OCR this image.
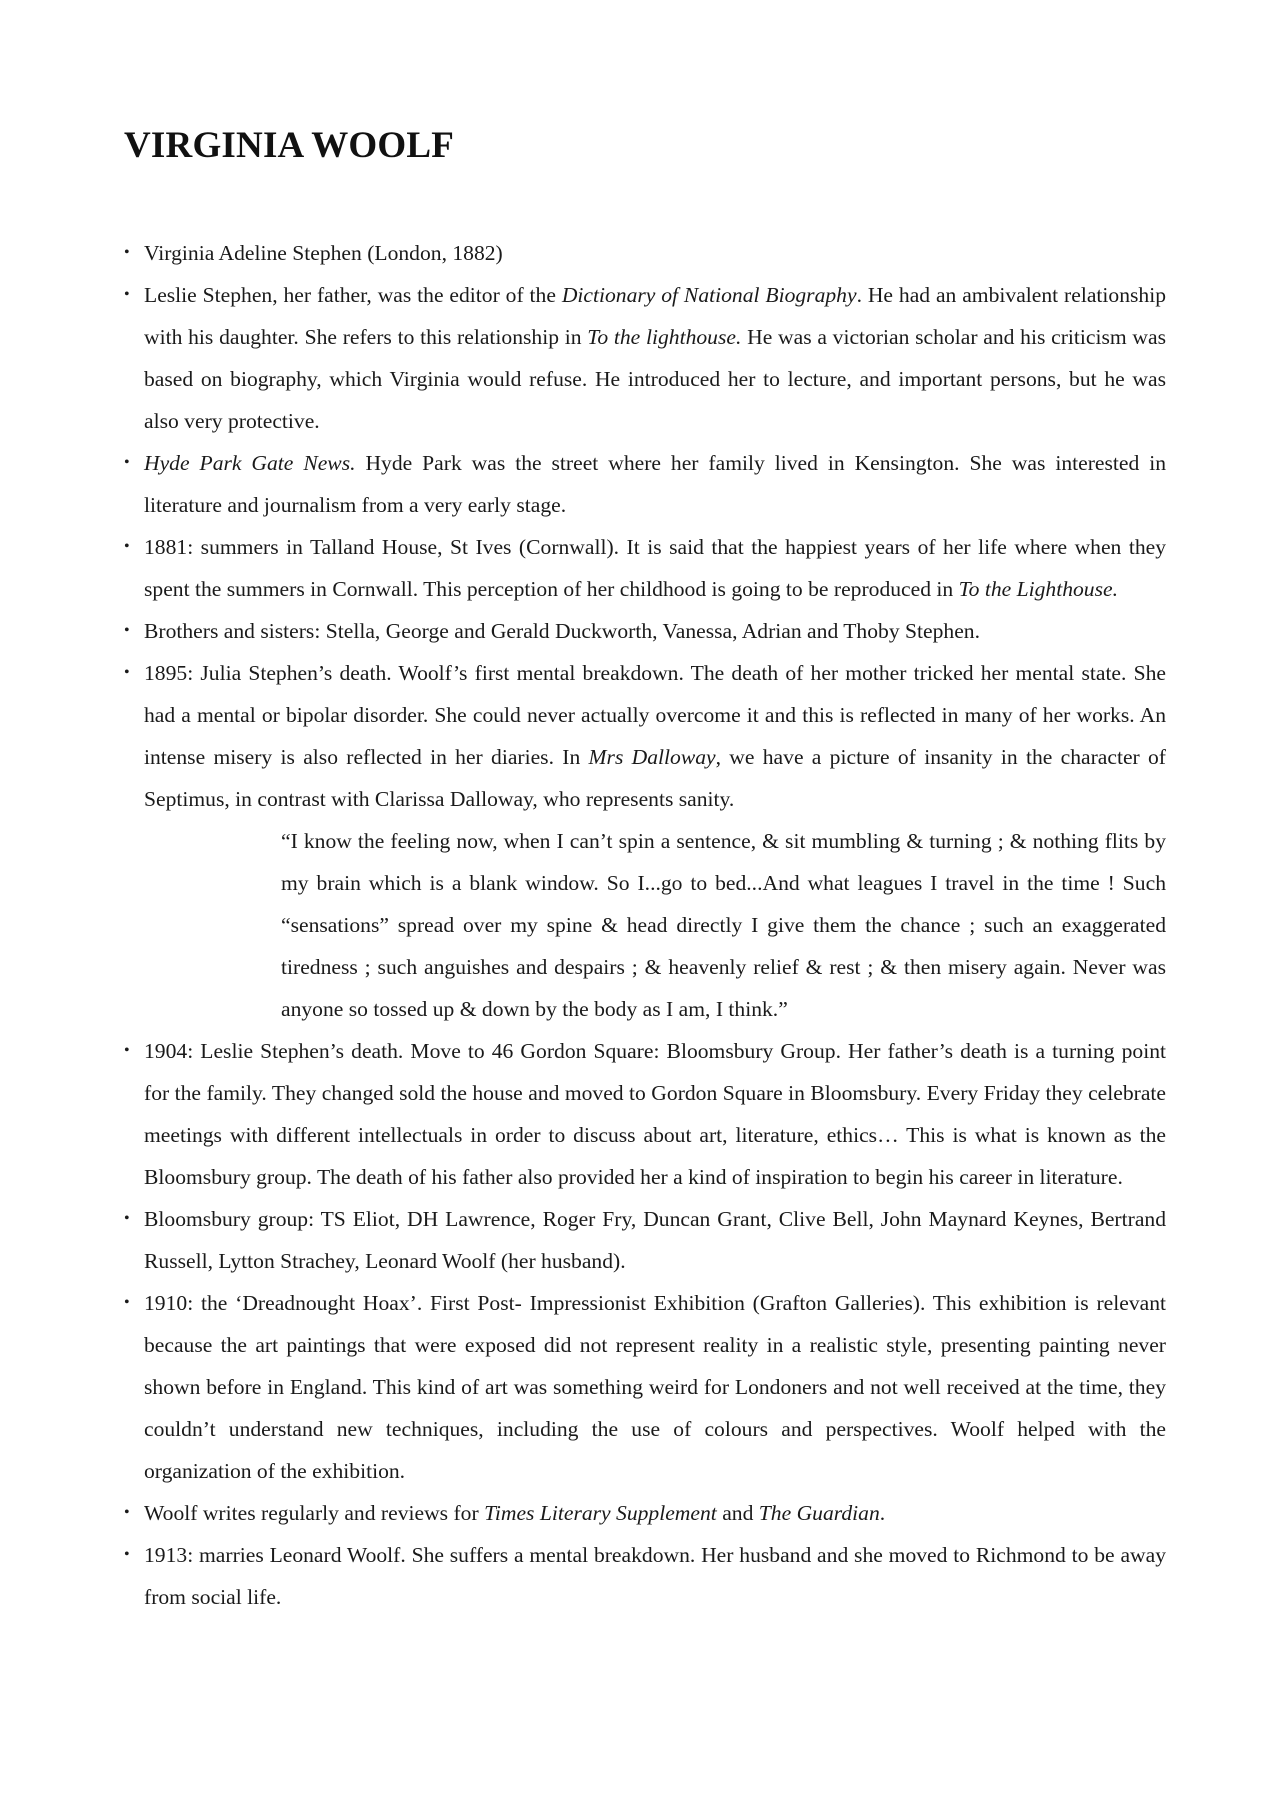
VIRGINIA WOOLF
• Virginia Adeline Stephen (London, 1882)
• Leslie Stephen, her father, was the editor of the Dictionary of National Biography. He had an ambivalent relationship with his daughter. She refers to this relationship in To the lighthouse. He was a victorian scholar and his criticism was based on biography, which Virginia would refuse. He introduced her to lecture, and important persons, but he was also very protective.
• Hyde Park Gate News. Hyde Park was the street where her family lived in Kensington. She was interested in literature and journalism from a very early stage.
• 1881: summers in Talland House, St Ives (Cornwall). It is said that the happiest years of her life where when they spent the summers in Cornwall. This perception of her childhood is going to be reproduced in To the Lighthouse.
• Brothers and sisters: Stella, George and Gerald Duckworth, Vanessa, Adrian and Thoby Stephen.
• 1895: Julia Stephen’s death. Woolf’s first mental breakdown. The death of her mother tricked her mental state. She had a mental or bipolar disorder. She could never actually overcome it and this is reflected in many of her works. An intense misery is also reflected in her diaries. In Mrs Dalloway, we have a picture of insanity in the character of Septimus, in contrast with Clarissa Dalloway, who represents sanity.
“I know the feeling now, when I can’t spin a sentence, & sit mumbling & turning ; & nothing flits by my brain which is a blank window. So I...go to bed...And what leagues I travel in the time ! Such “sensations” spread over my spine & head directly I give them the chance ; such an exaggerated tiredness ; such anguishes and despairs ; & heavenly relief & rest ; & then misery again. Never was anyone so tossed up & down by the body as I am, I think.”
• 1904: Leslie Stephen’s death. Move to 46 Gordon Square: Bloomsbury Group. Her father’s death is a turning point for the family. They changed sold the house and moved to Gordon Square in Bloomsbury. Every Friday they celebrate meetings with different intellectuals in order to discuss about art, literature, ethics… This is what is known as the Bloomsbury group. The death of his father also provided her a kind of inspiration to begin his career in literature.
• Bloomsbury group: TS Eliot, DH Lawrence, Roger Fry, Duncan Grant, Clive Bell, John Maynard Keynes, Bertrand Russell, Lytton Strachey, Leonard Woolf (her husband).
• 1910: the ‘Dreadnought Hoax’. First Post- Impressionist Exhibition (Grafton Galleries). This exhibition is relevant because the art paintings that were exposed did not represent reality in a realistic style, presenting painting never shown before in England. This kind of art was something weird for Londoners and not well received at the time, they couldn’t understand new techniques, including the use of colours and perspectives. Woolf helped with the organization of the exhibition.
• Woolf writes regularly and reviews for Times Literary Supplement and The Guardian.
• 1913: marries Leonard Woolf. She suffers a mental breakdown. Her husband and she moved to Richmond to be away from social life.
